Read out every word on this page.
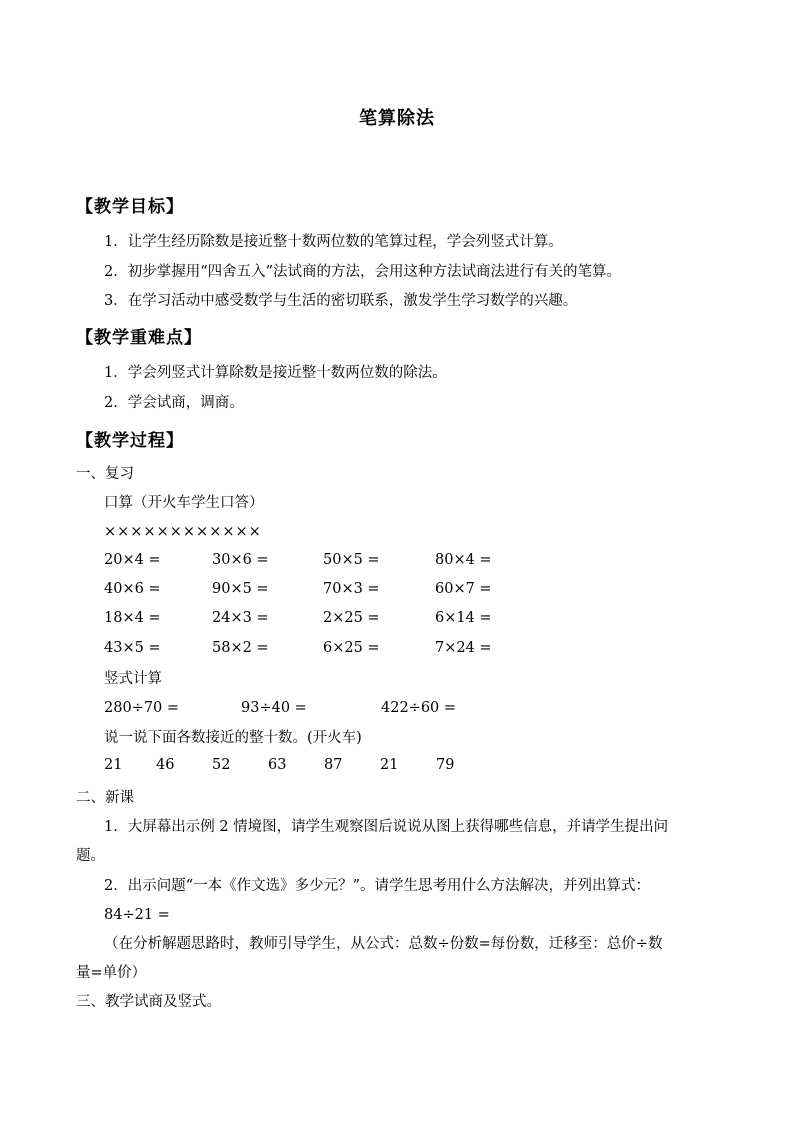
笔算除法
【教学目标】
1．让学生经历除数是接近整十数两位数的笔算过程，学会列竖式计算。
2．初步掌握用“四舍五入”法试商的方法，会用这种方法试商法进行有关的笔算。
3．在学习活动中感受数学与生活的密切联系，激发学生学习数学的兴趣。
【教学重难点】
1．学会列竖式计算除数是接近整十数两位数的除法。
2．学会试商，调商。
【教学过程】
一、复习
口算（开火车学生口答）
××××××××××××
20×4 =	30×6 =	50×5 =	80×4 =
40×6 =	90×5 =	70×3 =	60×7 =
18×4 =	24×3 =	2×25 =	6×14 =
43×5 =	58×2 =	6×25 =	7×24 =
竖式计算
280÷70 =	93÷40 =	422÷60 =
说一说下面各数接近的整十数。(开火车)
21 46	52	63	87	21	79
二、新课
1．大屏幕出示例 2 情境图，请学生观察图后说说从图上获得哪些信息，并请学生提出问
题。
2．出示问题“一本《作文选》多少元？”。请学生思考用什么方法解决，并列出算式：
84÷21 =
（在分析解题思路时，教师引导学生，从公式：总数÷份数=每份数，迁移至：总价÷数
量=单价）
三、教学试商及竖式。
